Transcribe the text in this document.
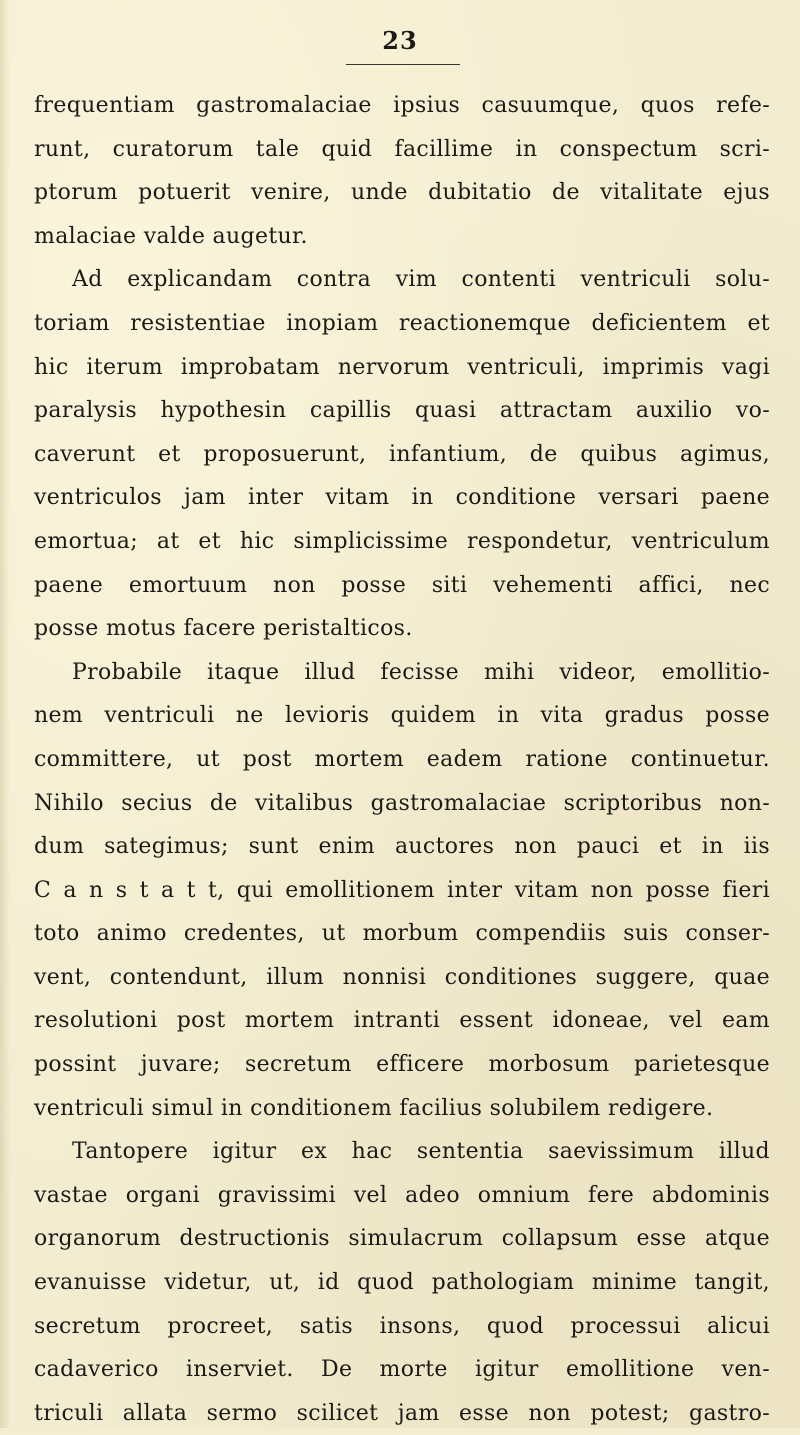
23
frequentiam gastromalaciae ipsius casuumque, quos refe-
runt, curatorum tale quid facillime in conspectum scri-
ptorum potuerit venire, unde dubitatio de vitalitate ejus
malaciae valde augetur.
Ad explicandam contra vim contenti ventriculi solu-
toriam resistentiae inopiam reactionemque deficientem et
hic iterum improbatam nervorum ventriculi, imprimis vagi
paralysis hypothesin capillis quasi attractam auxilio vo-
caverunt et proposuerunt, infantium, de quibus agimus,
ventriculos jam inter vitam in conditione versari paene
emortua; at et hic simplicissime respondetur, ventriculum
paene emortuum non posse siti vehementi affici, nec
posse motus facere peristalticos.
Probabile itaque illud fecisse mihi videor, emollitio-
nem ventriculi ne levioris quidem in vita gradus posse
committere, ut post mortem eadem ratione continuetur.
Nihilo secius de vitalibus gastromalaciae scriptoribus non-
dum sategimus; sunt enim auctores non pauci et in iis
C a n s t a t t, qui emollitionem inter vitam non posse fieri
toto animo credentes, ut morbum compendiis suis conser-
vent, contendunt, illum nonnisi conditiones suggere, quae
resolutioni post mortem intranti essent idoneae, vel eam
possint juvare; secretum efficere morbosum parietesque
ventriculi simul in conditionem facilius solubilem redigere.
Tantopere igitur ex hac sententia saevissimum illud
vastae organi gravissimi vel adeo omnium fere abdominis
organorum destructionis simulacrum collapsum esse atque
evanuisse videtur, ut, id quod pathologiam minime tangit,
secretum procreet, satis insons, quod processui alicui
cadaverico inserviet. De morte igitur emollitione ven-
triculi allata sermo scilicet jam esse non potest; gastro-
